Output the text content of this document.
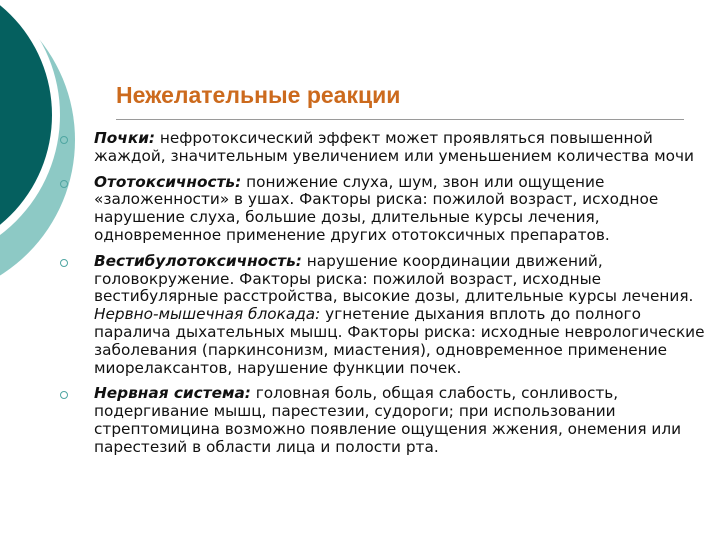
Нежелательные реакции
Почки: нефротоксический эффект может проявляться повышенной жаждой, значительным увеличением или уменьшением количества мочи
Ототоксичность: понижение слуха, шум, звон или ощущение «заложенности» в ушах. Факторы риска: пожилой возраст, исходное нарушение слуха, большие дозы, длительные курсы лечения, одновременное применение других ототоксичных препаратов.
Вестибулотоксичность: нарушение координации движений, головокружение. Факторы риска: пожилой возраст, исходные вестибулярные расстройства, высокие дозы, длительные курсы лечения. Нервно-мышечная блокада: угнетение дыхания вплоть до полного паралича дыхательных мышц. Факторы риска: исходные неврологические заболевания (паркинсонизм, миастения), одновременное применение миорелаксантов, нарушение функции почек.
Нервная система: головная боль, общая слабость, сонливость, подергивание мышц, парестезии, судороги; при использовании стрептомицина возможно появление ощущения жжения, онемения или парестезий в области лица и полости рта.
